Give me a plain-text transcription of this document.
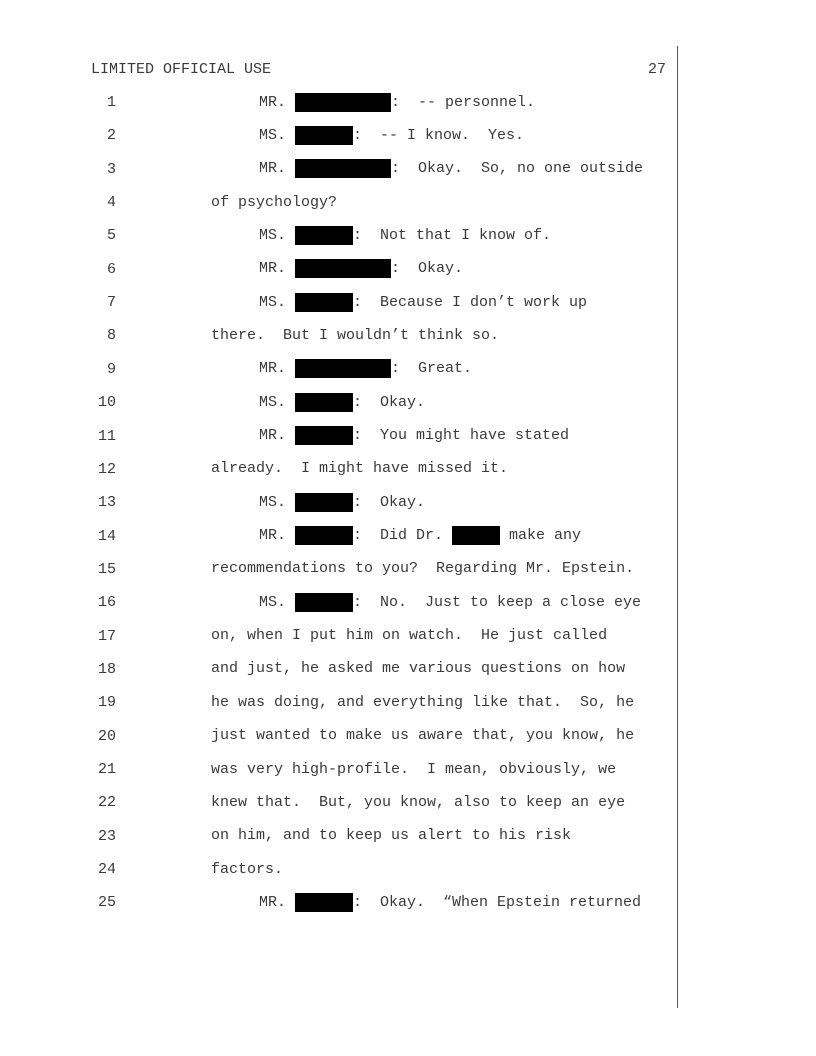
LIMITED OFFICIAL USE	27
1	MR.	:  -- personnel.
2	MS.	:  -- I know.  Yes.
3	MR.	:  Okay.  So, no one outside
4	of psychology?
5	MS.	:  Not that I know of.
6	MR.	:  Okay.
7	MS.	:  Because I don’t work up
8	there.  But I wouldn’t think so.
9	MR.	:  Great.
10	MS.	:  Okay.
11	MR.	:  You might have stated
12	already.  I might have missed it.
13	MS.	:  Okay.
14	MR.	:  Did Dr.	make any
15	recommendations to you?  Regarding Mr. Epstein.
16	MS.	:  No.  Just to keep a close eye
17	on, when I put him on watch.  He just called
18	and just, he asked me various questions on how
19	he was doing, and everything like that.  So, he
20	just wanted to make us aware that, you know, he
21	was very high-profile.  I mean, obviously, we
22	knew that.  But, you know, also to keep an eye
23	on him, and to keep us alert to his risk
24	factors.
25	MR.	:  Okay.  “When Epstein returned
